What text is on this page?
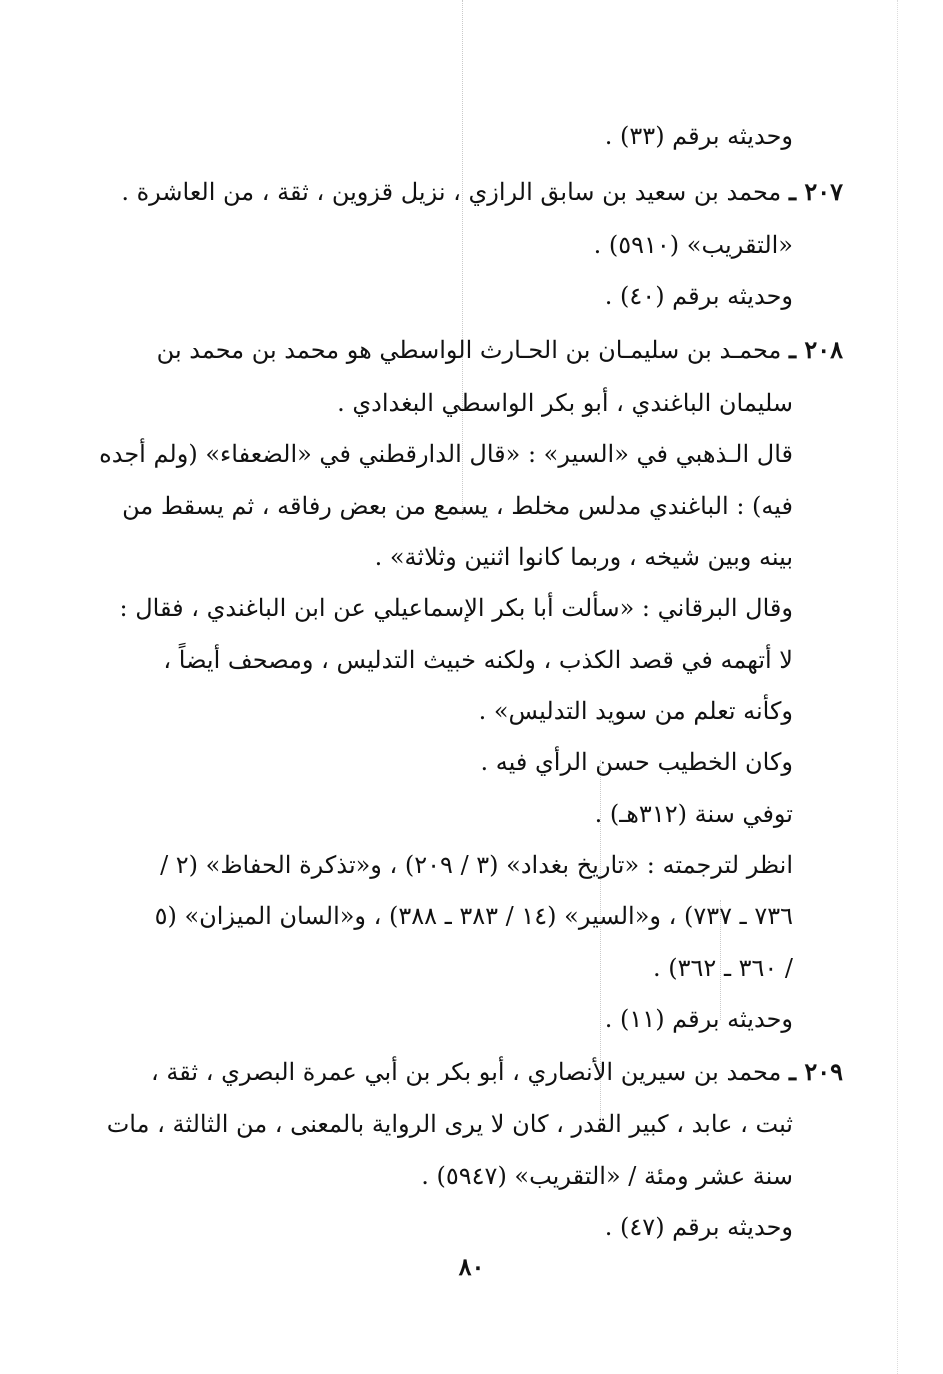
وحديثه برقم (٣٣) .
٢٠٧ ـ محمد بن سعيد بن سابق الرازي ، نزيل قزوين ، ثقة ، من العاشرة .
«التقريب» (٥٩١٠) .
وحديثه برقم (٤٠) .
٢٠٨ ـ محمـد بن سليمـان بن الحـارث الواسطي هو محمد بن محمد بن
سليمان الباغندي ، أبو بكر الواسطي البغدادي .
قال الـذهبي في «السير» : «قال الدارقطني في «الضعفاء» (ولم أجده
فيه) : الباغندي مدلس مخلط ، يسمع من بعض رفاقه ، ثم يسقط من
بينه وبين شيخه ، وربما كانوا اثنين وثلاثة» .
وقال البرقاني : «سألت أبا بكر الإسماعيلي عن ابن الباغندي ، فقال :
لا أتهمه في قصد الكذب ، ولكنه خبيث التدليس ، ومصحف أيضاً ،
وكأنه تعلم من سويد التدليس» .
وكان الخطيب حسن الرأي فيه .
توفي سنة (٣١٢هـ) .
انظر لترجمته : «تاريخ بغداد» (٣ / ٢٠٩) ، و«تذكرة الحفاظ» (٢ /
٧٣٦ ـ ٧٣٧) ، و«السير» (١٤ / ٣٨٣ ـ ٣٨٨) ، و«السان الميزان» (٥
/ ٣٦٠ ـ ٣٦٢) .
وحديثه برقم (١١) .
٢٠٩ ـ محمد بن سيرين الأنصاري ، أبو بكر بن أبي عمرة البصري ، ثقة ،
ثبت ، عابد ، كبير القدر ، كان لا يرى الرواية بالمعنى ، من الثالثة ، مات
سنة عشر ومئة / «التقريب» (٥٩٤٧) .
وحديثه برقم (٤٧) .
٨٠
